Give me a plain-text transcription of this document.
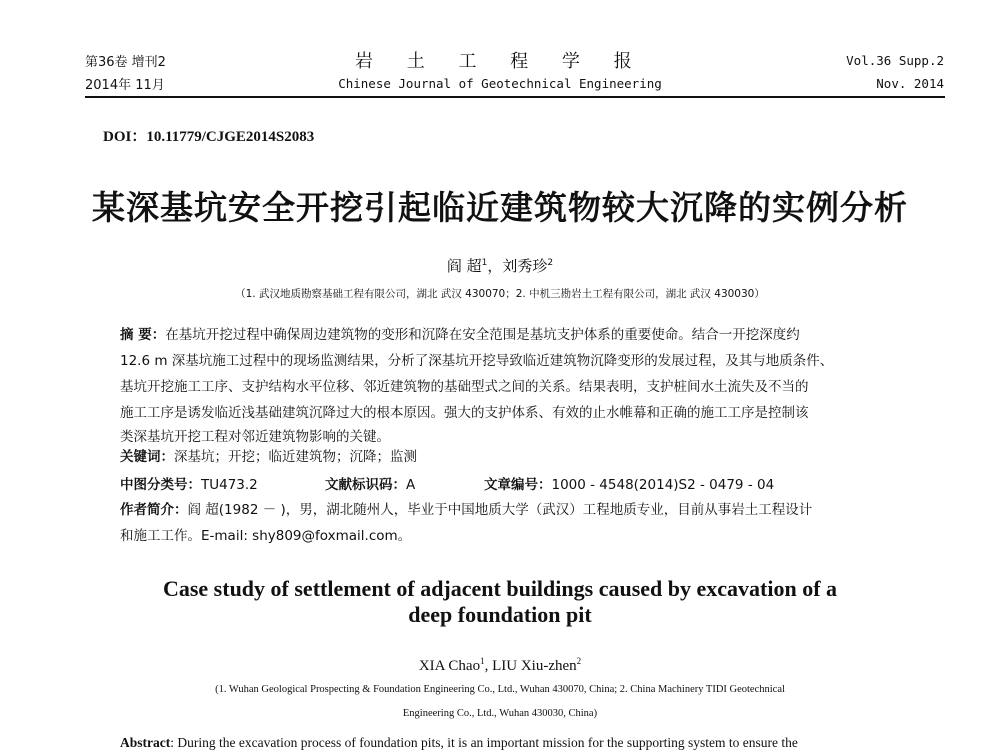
第36卷 增刊2
2014年 11月
岩 土 工 程 学 报
Chinese Journal of Geotechnical Engineering
Vol.36 Supp.2
Nov. 2014
DOI：10.11779/CJGE2014S2083
某深基坑安全开挖引起临近建筑物较大沉降的实例分析
阎 超$^1$，刘秀珍$^2$
（1. 武汉地质勘察基础工程有限公司，湖北 武汉 430070；2. 中机三勘岩土工程有限公司，湖北 武汉 430030）
摘 要：在基坑开挖过程中确保周边建筑物的变形和沉降在安全范围是基坑支护体系的重要使命。结合一开挖深度约
12.6 m 深基坑施工过程中的现场监测结果，分析了深基坑开挖导致临近建筑物沉降变形的发展过程，及其与地质条件、
基坑开挖施工工序、支护结构水平位移、邻近建筑物的基础型式之间的关系。结果表明，支护桩间水土流失及不当的
施工工序是诱发临近浅基础建筑沉降过大的根本原因。强大的支护体系、有效的止水帷幕和正确的施工工序是控制该
类深基坑开挖工程对邻近建筑物影响的关键。
关键词：深基坑；开挖；临近建筑物；沉降；监测
中图分类号：TU473.2	文献标识码：A	文章编号：1000 - 4548(2014)S2 - 0479 - 04
作者简介：阎 超(1982 － )，男，湖北随州人，毕业于中国地质大学（武汉）工程地质专业，目前从事岩土工程设计
和施工工作。E-mail: shy809@foxmail.com。
Case study of settlement of adjacent buildings caused by excavation of a
deep foundation pit
XIA Chao$^1$, LIU Xiu-zhen$^2$
(1. Wuhan Geological Prospecting & Foundation Engineering Co., Ltd., Wuhan 430070, China; 2. China Machinery TIDI Geotechnical
Engineering Co., Ltd., Wuhan 430030, China)
Abstract: During the excavation process of foundation pits, it is an important mission for the supporting system to ensure the
